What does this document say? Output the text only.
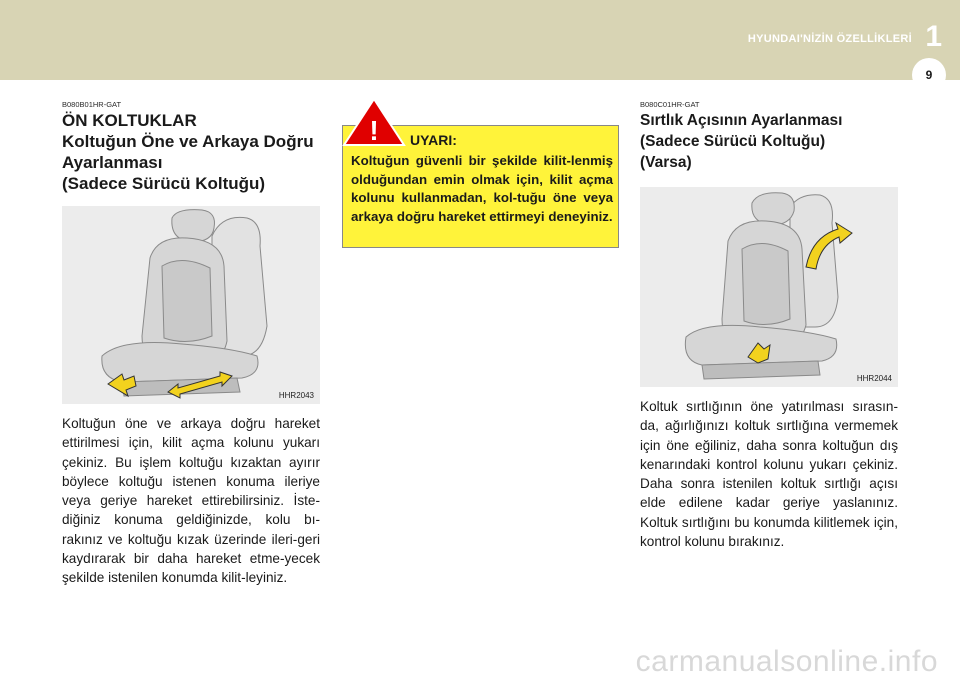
HYUNDAI'NİZİN ÖZELLİKLERİ 1
9
B080B01HR-GAT
ÖN KOLTUKLAR
Koltuğun Öne ve Arkaya Doğru
Ayarlanması
(Sadece Sürücü Koltuğu)
HHR2043
Koltuğun öne ve arkaya doğru hareket ettirilmesi için, kilit açma kolunu yukarı çekiniz. Bu işlem koltuğu kızaktan ayırır böylece koltuğu istenen konuma ileriye veya geriye hareket ettirebilirsiniz. İste-diğiniz konuma geldiğinizde, kolu bı-rakınız ve koltuğu kızak üzerinde ileri-geri kaydırarak bir daha hareket etme-yecek şekilde istenilen konumda kilit-leyiniz.
! UYARI:
Koltuğun güvenli bir şekilde kilit-lenmiş olduğundan emin olmak için, kilit açma kolunu kullanmadan, kol-tuğu öne veya arkaya doğru hareket ettirmeyi deneyiniz.
B080C01HR-GAT
Sırtlık Açısının Ayarlanması
(Sadece Sürücü Koltuğu)
(Varsa)
HHR2044
Koltuk sırtlığının öne yatırılması sırasın-da, ağırlığınızı koltuk sırtlığına vermemek için öne eğiliniz, daha sonra koltuğun dış kenarındaki kontrol kolunu yukarı çekiniz. Daha sonra istenilen koltuk sırtlığı açısı elde edilene kadar geriye yaslanınız. Koltuk sırtlığını bu konumda kilitlemek için, kontrol kolunu bırakınız.
carmanualsonline.info
